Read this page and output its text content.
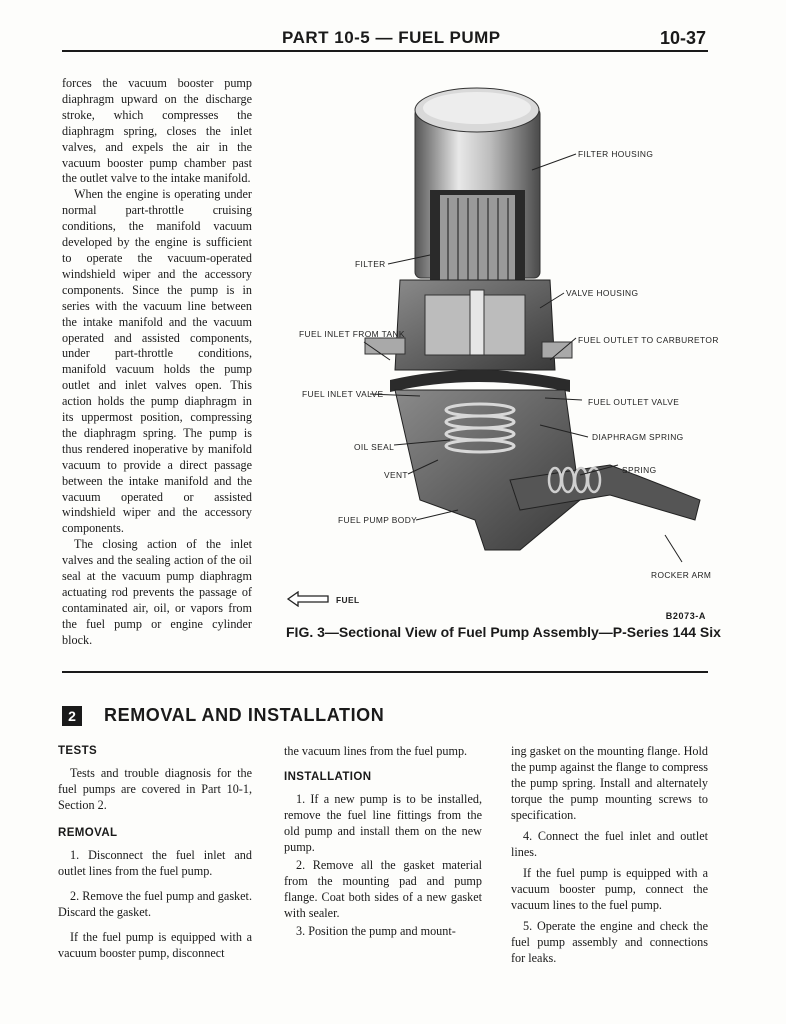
PART 10-5 — FUEL PUMP	10-37

forces the vacuum booster pump diaphragm upward on the discharge stroke, which compresses the diaphragm spring, closes the inlet valves, and expels the air in the vacuum booster pump chamber past the outlet valve to the intake manifold.

When the engine is operating under normal part-throttle cruising conditions, the manifold vacuum developed by the engine is sufficient to operate the vacuum-operated windshield wiper and the accessory components. Since the pump is in series with the vacuum line between the intake manifold and the vacuum operated and assisted components, under part-throttle conditions, manifold vacuum holds the pump outlet and inlet valves open. This action holds the pump diaphragm in its uppermost position, compressing the diaphragm spring. The pump is thus rendered inoperative by manifold vacuum to provide a direct passage between the intake manifold and the vacuum operated or assisted windshield wiper and the accessory components.

The closing action of the inlet valves and the sealing action of the oil seal at the vacuum pump diaphragm actuating rod prevents the passage of contaminated air, oil, or vapors from the fuel pump or engine cylinder block.

FILTER HOUSING
FILTER
VALVE HOUSING
FUEL INLET FROM TANK
FUEL OUTLET TO CARBURETOR
FUEL INLET VALVE
FUEL OUTLET VALVE
DIAPHRAGM SPRING
OIL SEAL
SPRING
VENT
FUEL PUMP BODY
ROCKER ARM
FUEL
B2073-A
FIG. 3—Sectional View of Fuel Pump Assembly—P-Series 144 Six
2	REMOVAL AND INSTALLATION
TESTS

Tests and trouble diagnosis for the fuel pumps are covered in Part 10-1, Section 2.

REMOVAL

1. Disconnect the fuel inlet and outlet lines from the fuel pump.

2. Remove the fuel pump and gasket. Discard the gasket.

If the fuel pump is equipped with a vacuum booster pump, disconnect

the vacuum lines from the fuel pump.

INSTALLATION

1. If a new pump is to be installed, remove the fuel line fittings from the old pump and install them on the new pump.

2. Remove all the gasket material from the mounting pad and pump flange. Coat both sides of a new gasket with sealer.

3. Position the pump and mount-

ing gasket on the mounting flange. Hold the pump against the flange to compress the pump spring. Install and alternately torque the pump mounting screws to specification.

4. Connect the fuel inlet and outlet lines.

If the fuel pump is equipped with a vacuum booster pump, connect the vacuum lines to the fuel pump.

5. Operate the engine and check the fuel pump assembly and connections for leaks.
